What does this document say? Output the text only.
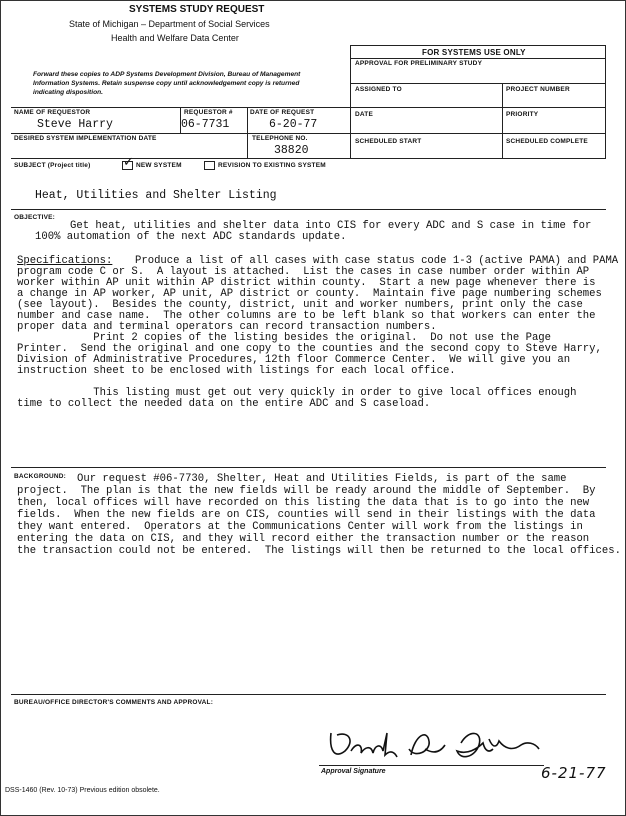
SYSTEMS STUDY REQUEST
State of Michigan – Department of Social Services
Health and Welfare Data Center
Forward these copies to ADP Systems Development Division, Bureau of Management Information Systems. Retain suspense copy until acknowledgement copy is returned indicating disposition.
FOR SYSTEMS USE ONLY
APPROVAL FOR PRELIMINARY STUDY
ASSIGNED TO	PROJECT NUMBER
DATE	PRIORITY
SCHEDULED START	SCHEDULED COMPLETE
NAME OF REQUESTOR
Steve Harry
REQUESTOR #
06-7731
DATE OF REQUEST
6-20-77
DESIRED SYSTEM IMPLEMENTATION DATE	TELEPHONE NO.
38820
SUBJECT (Project title)
✓	NEW SYSTEM	REVISION TO EXISTING SYSTEM
Heat, Utilities and Shelter Listing
OBJECTIVE:
Get heat, utilities and shelter data into CIS for every ADC and S case in time for
100% automation of the next ADC standards update.
Specifications: Produce a list of all cases with case status code 1-3 (active PAMA) and PAMA
program code C or S.  A layout is attached.  List the cases in case number order within AP
worker within AP unit within AP district within county.  Start a new page whenever there is
a change in AP worker, AP unit, AP district or county.  Maintain five page numbering schemes
(see layout).  Besides the county, district, unit and worker numbers, print only the case
number and case name.  The other columns are to be left blank so that workers can enter the
proper data and terminal operators can record transaction numbers.
Print 2 copies of the listing besides the original.  Do not use the Page
Printer.  Send the original and one copy to the counties and the second copy to Steve Harry,
Division of Administrative Procedures, 12th floor Commerce Center.  We will give you an
instruction sheet to be enclosed with listings for each local office.
This listing must get out very quickly in order to give local offices enough
time to collect the needed data on the entire ADC and S caseload.
BACKGROUND: Our request #06-7730, Shelter, Heat and Utilities Fields, is part of the same
project.  The plan is that the new fields will be ready around the middle of September.  By
then, local offices will have recorded on this listing the data that is to go into the new
fields.  When the new fields are on CIS, counties will send in their listings with the data
they want entered.  Operators at the Communications Center will work from the listings in
entering the data on CIS, and they will record either the transaction number or the reason
the transaction could not be entered.  The listings will then be returned to the local offices.
BUREAU/OFFICE DIRECTOR'S COMMENTS AND APPROVAL:
Approval Signature	6-21-77
DSS-1460 (Rev. 10-73) Previous edition obsolete.
